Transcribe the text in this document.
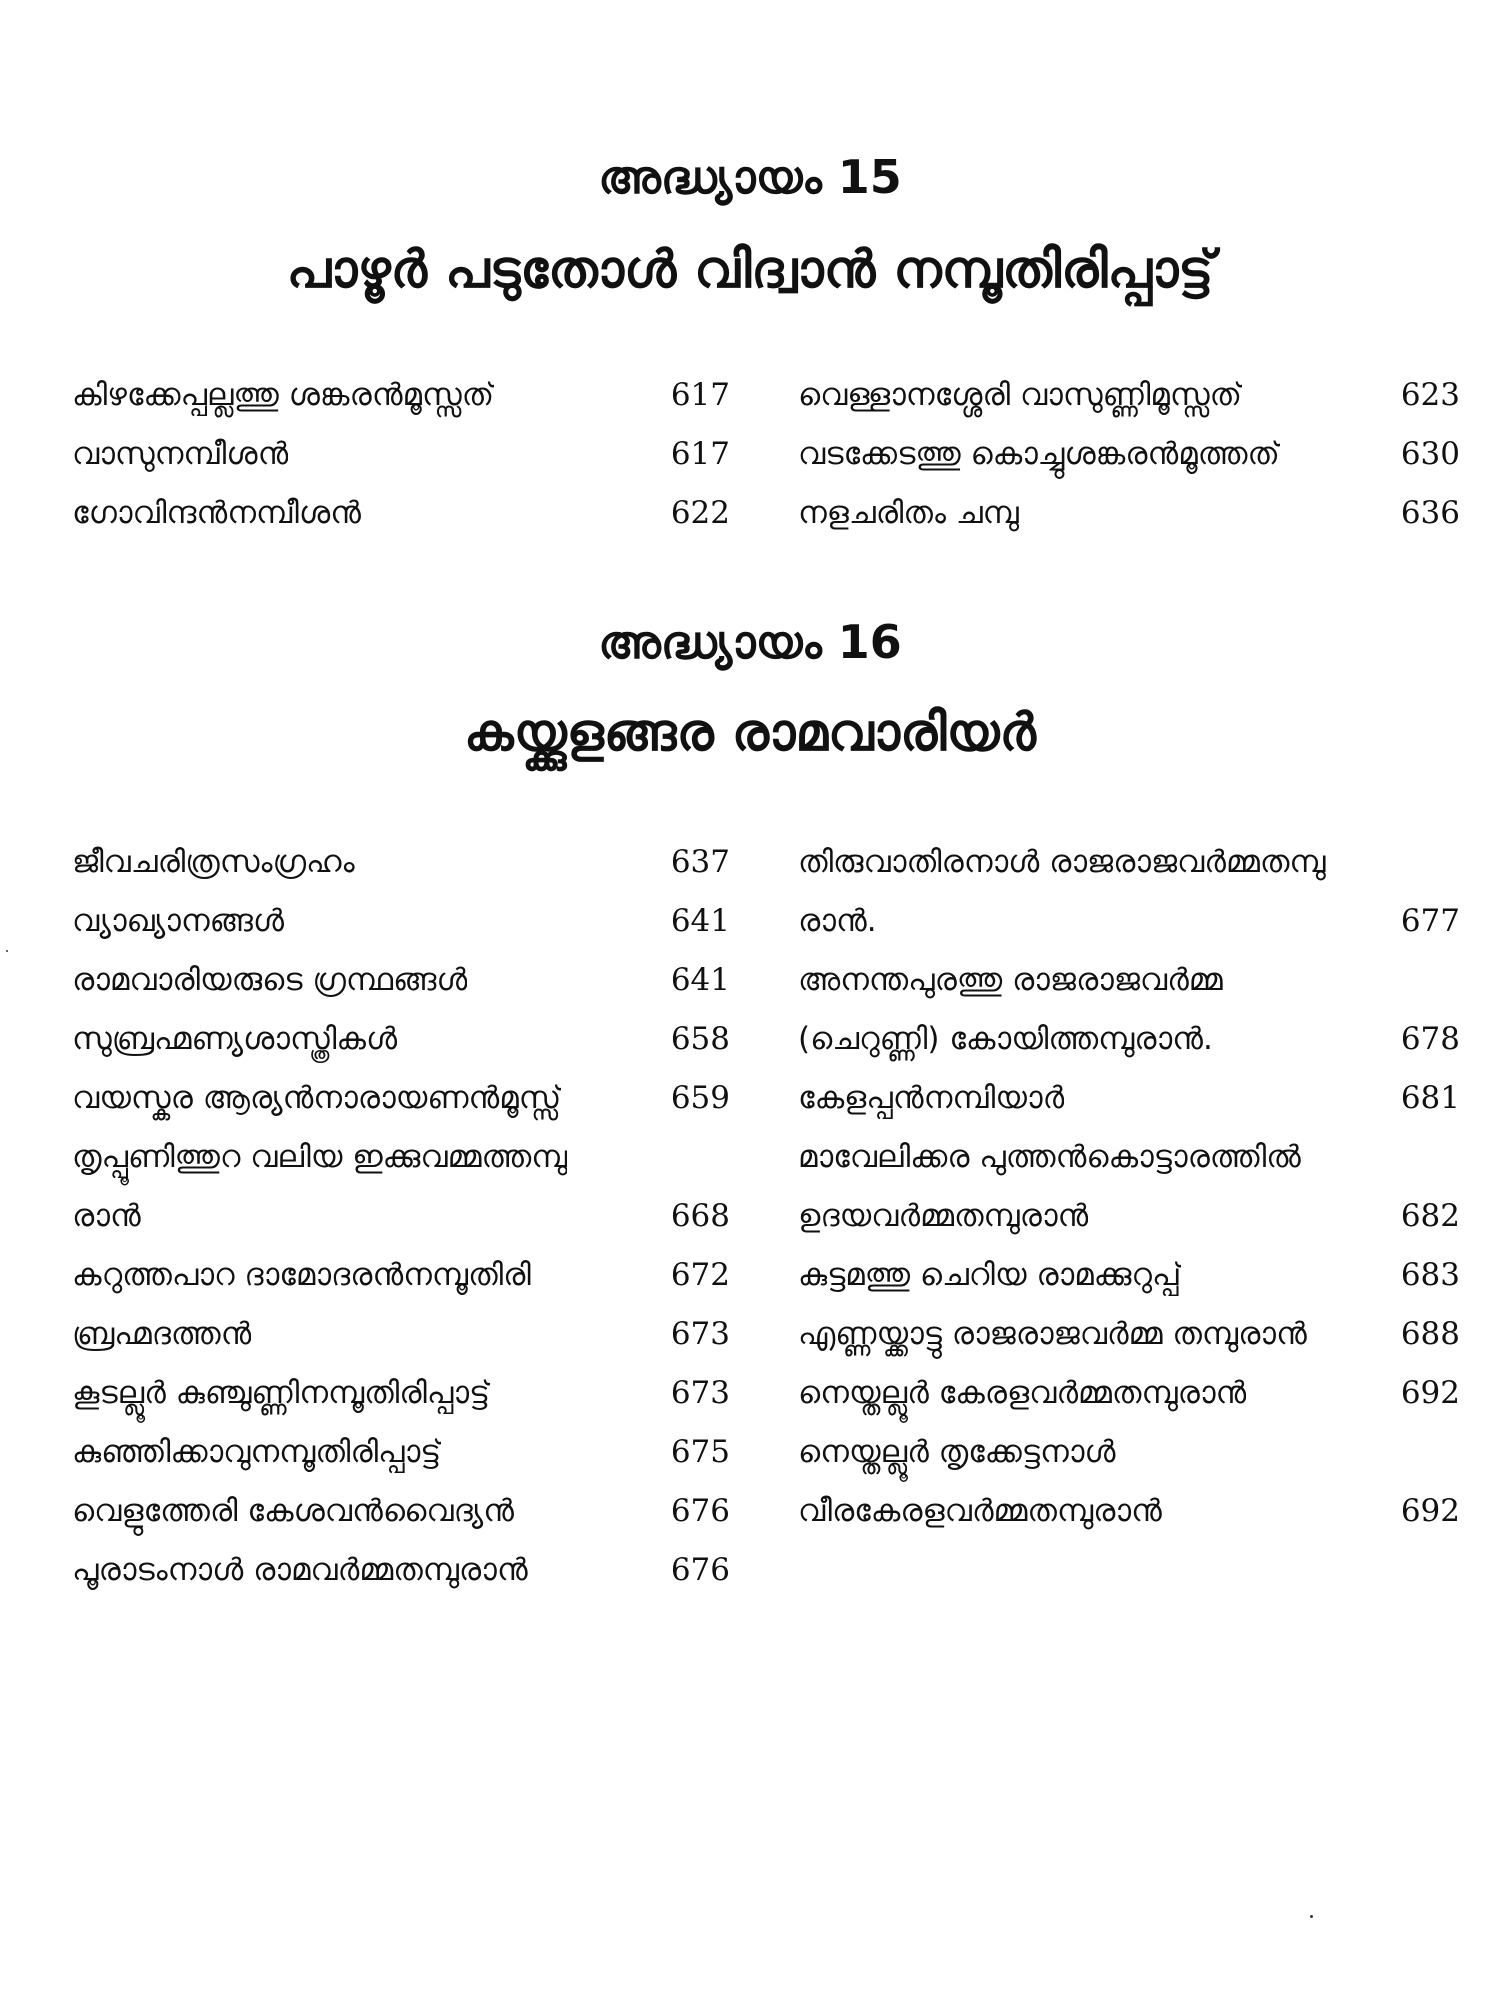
അദ്ധ്യായം 15
പാഴൂർ പടുതോൾ വിദ്വാൻ നമ്പൂതിരിപ്പാട്ട്
കിഴക്കേപ്പല്ലത്തു ശങ്കരൻമൂസ്സത്	617
വാസുനമ്പീശൻ	617
ഗോവിന്ദൻനമ്പീശൻ	622
വെള്ളാനശ്ശേരി വാസുണ്ണിമൂസ്സത്	623
വടക്കേടത്തു കൊച്ചുശങ്കരൻമൂത്തത്	630
നളചരിതം ചമ്പു	636
അദ്ധ്യായം 16
കയ്ക്കുളങ്ങര രാമവാരിയർ
ജീവചരിത്രസംഗ്രഹം	637
വ്യാഖ്യാനങ്ങൾ	641
രാമവാരിയരുടെ ഗ്രന്ഥങ്ങൾ	641
സുബ്രഹ്മണ്യശാസ്ത്രികൾ	658
വയസ്കര ആര്യൻനാരായണൻമൂസ്സ്	659
തൃപ്പൂണിത്തുറ വലിയ ഇക്കുവമ്മത്തമ്പു
രാൻ	668
കറുത്തപാറ ദാമോദരൻനമ്പൂതിരി	672
ബ്രഹ്മദത്തൻ	673
കൂടല്ലൂർ കുഞ്ചുണ്ണിനമ്പൂതിരിപ്പാട്ട്	673
കുഞ്ഞിക്കാവുനമ്പൂതിരിപ്പാട്ട്	675
വെളുത്തേരി കേശവൻവൈദ്യൻ	676
പൂരാടംനാൾ രാമവർമ്മതമ്പുരാൻ	676
തിരുവാതിരനാൾ രാജരാജവർമ്മതമ്പു
രാൻ.	677
അനന്തപുരത്തു രാജരാജവർമ്മ
(ചെറുണ്ണി) കോയിത്തമ്പുരാൻ.	678
കേളപ്പൻനമ്പിയാർ	681
മാവേലിക്കര പുത്തൻകൊട്ടാരത്തിൽ
ഉദയവർമ്മതമ്പുരാൻ	682
കുട്ടമത്തു ചെറിയ രാമക്കുറുപ്പ്	683
എണ്ണയ്ക്കാട്ടു രാജരാജവർമ്മ തമ്പുരാൻ	688
നെയ്തല്ലൂർ കേരളവർമ്മതമ്പുരാൻ	692
നെയ്തല്ലൂർ തൃക്കേട്ടനാൾ
വീരകേരളവർമ്മതമ്പുരാൻ	692
